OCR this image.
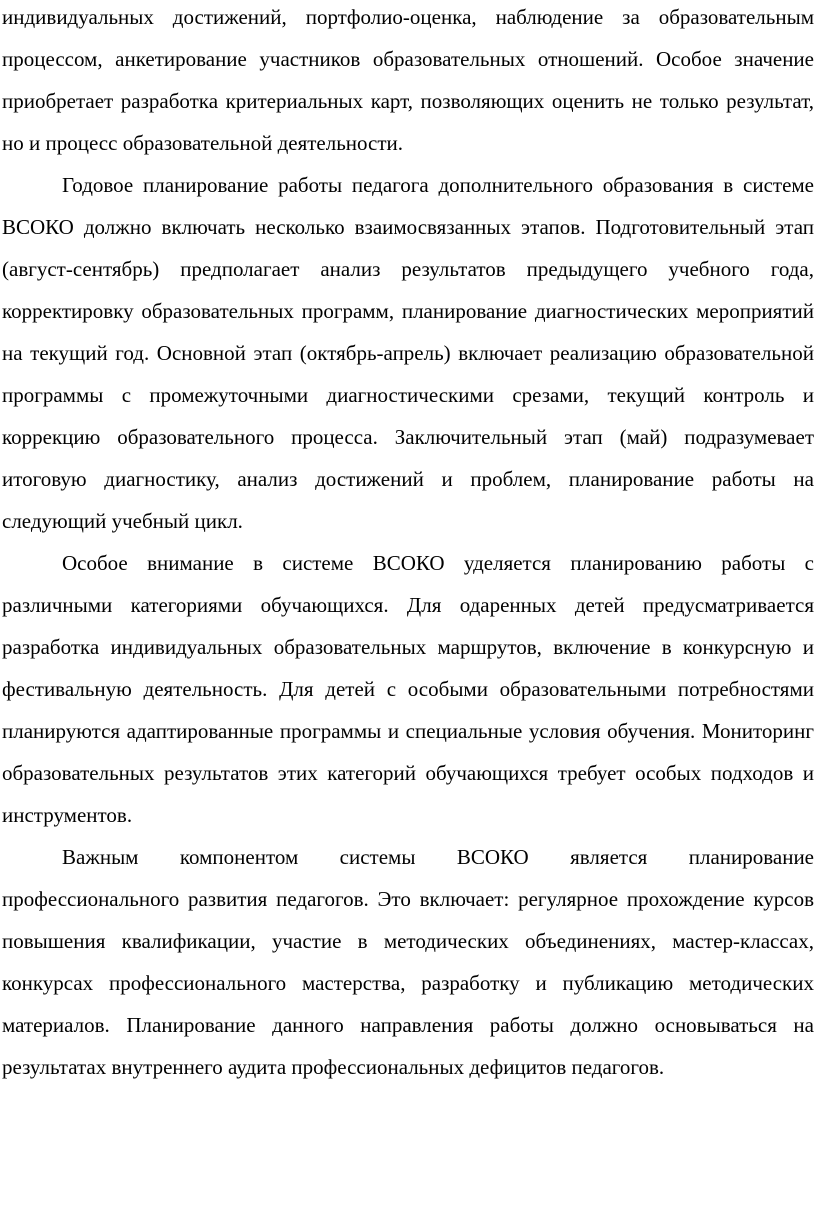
индивидуальных достижений, портфолио-оценка, наблюдение за образовательным процессом, анкетирование участников образовательных отношений. Особое значение приобретает разработка критериальных карт, позволяющих оценить не только результат, но и процесс образовательной деятельности.

Годовое планирование работы педагога дополнительного образования в системе ВСОКО должно включать несколько взаимосвязанных этапов. Подготовительный этап (август-сентябрь) предполагает анализ результатов предыдущего учебного года, корректировку образовательных программ, планирование диагностических мероприятий на текущий год. Основной этап (октябрь-апрель) включает реализацию образовательной программы с промежуточными диагностическими срезами, текущий контроль и коррекцию образовательного процесса. Заключительный этап (май) подразумевает итоговую диагностику, анализ достижений и проблем, планирование работы на следующий учебный цикл.

Особое внимание в системе ВСОКО уделяется планированию работы с различными категориями обучающихся. Для одаренных детей предусматривается разработка индивидуальных образовательных маршрутов, включение в конкурсную и фестивальную деятельность. Для детей с особыми образовательными потребностями планируются адаптированные программы и специальные условия обучения. Мониторинг образовательных результатов этих категорий обучающихся требует особых подходов и инструментов.

Важным компонентом системы ВСОКО является планирование профессионального развития педагогов. Это включает: регулярное прохождение курсов повышения квалификации, участие в методических объединениях, мастер-классах, конкурсах профессионального мастерства, разработку и публикацию методических материалов. Планирование данного направления работы должно основываться на результатах внутреннего аудита профессиональных дефицитов педагогов.
